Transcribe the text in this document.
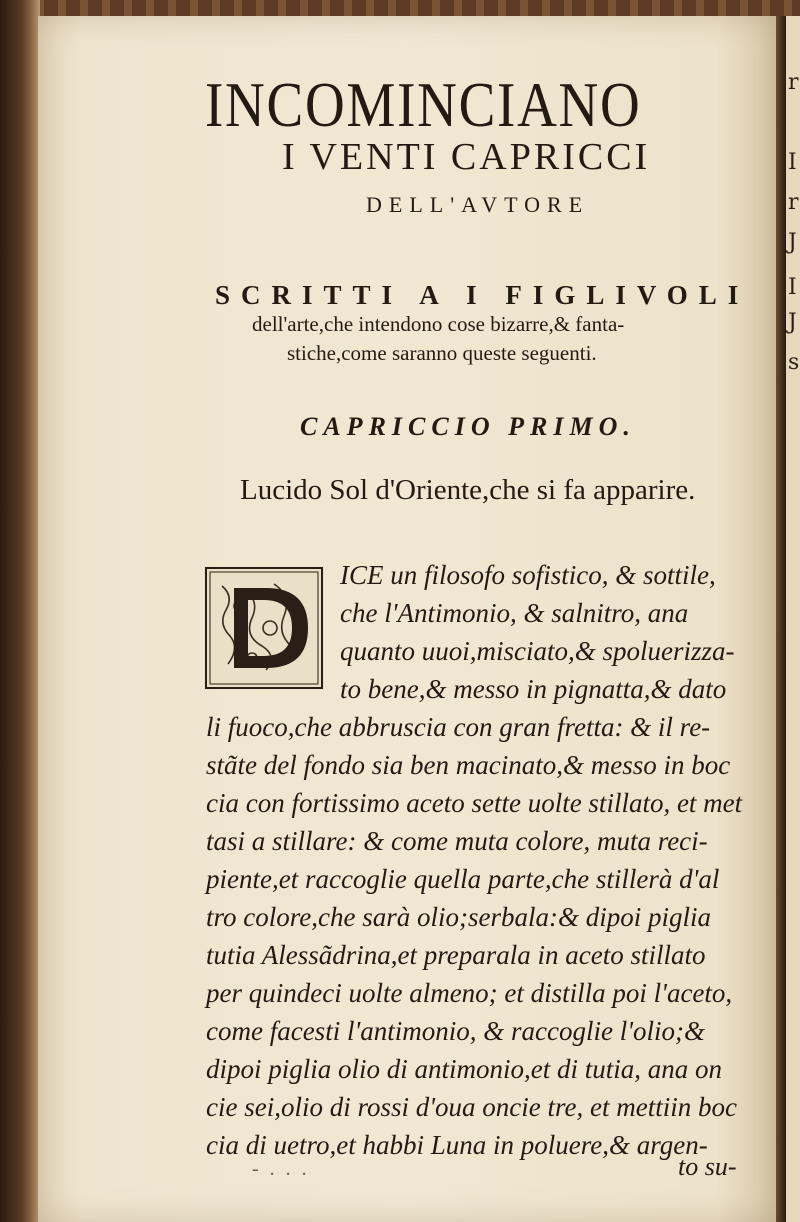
r
I
r
J
I
J
s
INCOMINCIANO
I VENTI CAPRICCI
DELL'AVTORE
SCRITTI A I FIGLIVOLI
dell'arte,che intendono cose bizarre,& fanta-
stiche,come saranno queste seguenti.
CAPRICCIO PRIMO.
Lucido Sol d'Oriente,che si fa apparire.
ICE un filosofo sofistico, & sottile,
che l'Antimonio, & salnitro, ana
quanto uuoi,misciato,& spoluerizza-
to bene,& messo in pignatta,& dato
li fuoco,che abbruscia con gran fretta: & il re-
stãte del fondo sia ben macinato,& messo in boc
cia con fortissimo aceto sette uolte stillato, et met
tasi a stillare: & come muta colore, muta reci-
piente,et raccoglie quella parte,che stillerà d'al
tro colore,che sarà olio;serbala:& dipoi piglia
tutia Alessãdrina,et preparala in aceto stillato
per quindeci uolte almeno; et distilla poi l'aceto,
come facesti l'antimonio, & raccoglie l'olio;&
dipoi piglia olio di antimonio,et di tutia, ana on
cie sei,olio di rossi d'oua oncie tre, et mettiin boc
cia di uetro,et habbi Luna in poluere,& argen-
- . . .	to su-
